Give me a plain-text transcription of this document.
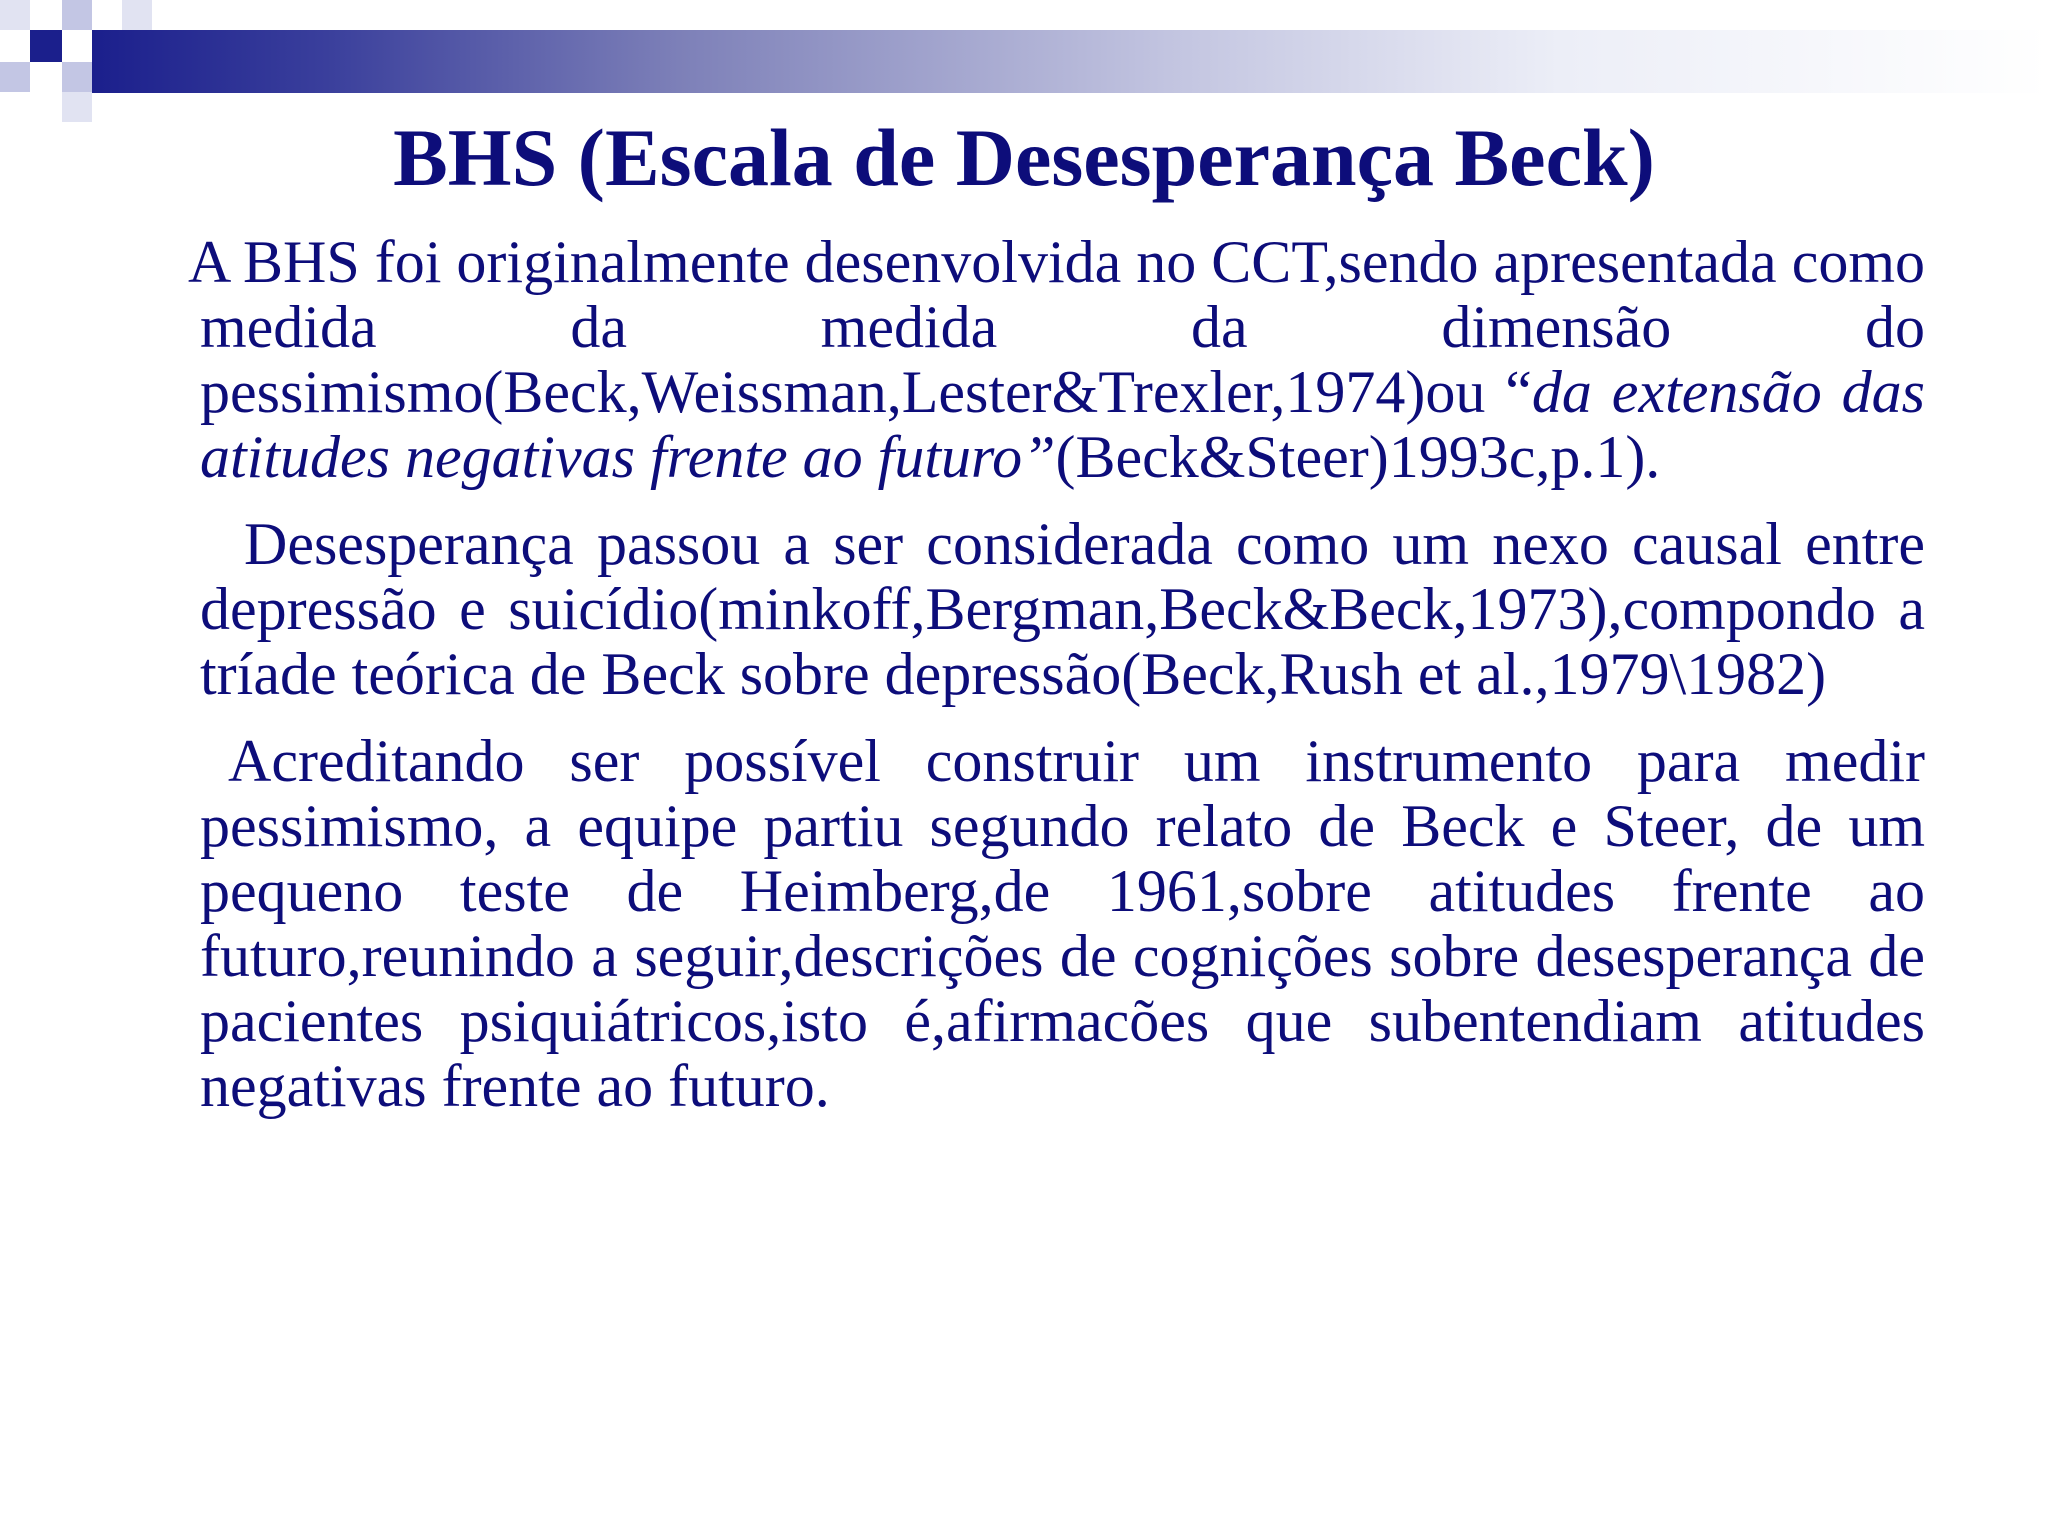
BHS (Escala de Desesperança Beck)

A BHS foi originalmente desenvolvida no CCT,sendo apresentada como medida da medida da dimensão do pessimismo(Beck,Weissman,Lester&Trexler,1974)ou “da extensão das atitudes negativas frente ao futuro”(Beck&Steer)1993c,p.1).

Desesperança passou a ser considerada como um nexo causal entre depressão e suicídio(minkoff,Bergman,Beck&Beck,1973),compondo a tríade teórica de Beck sobre depressão(Beck,Rush et al.,1979\1982)

Acreditando ser possível construir um instrumento para medir pessimismo, a equipe partiu segundo relato de Beck e Steer, de um pequeno teste de Heimberg,de 1961,sobre atitudes frente ao futuro,reunindo a seguir,descrições de cognições sobre desesperança de pacientes psiquiátricos,isto é,afirmacões que subentendiam atitudes negativas frente ao futuro.
